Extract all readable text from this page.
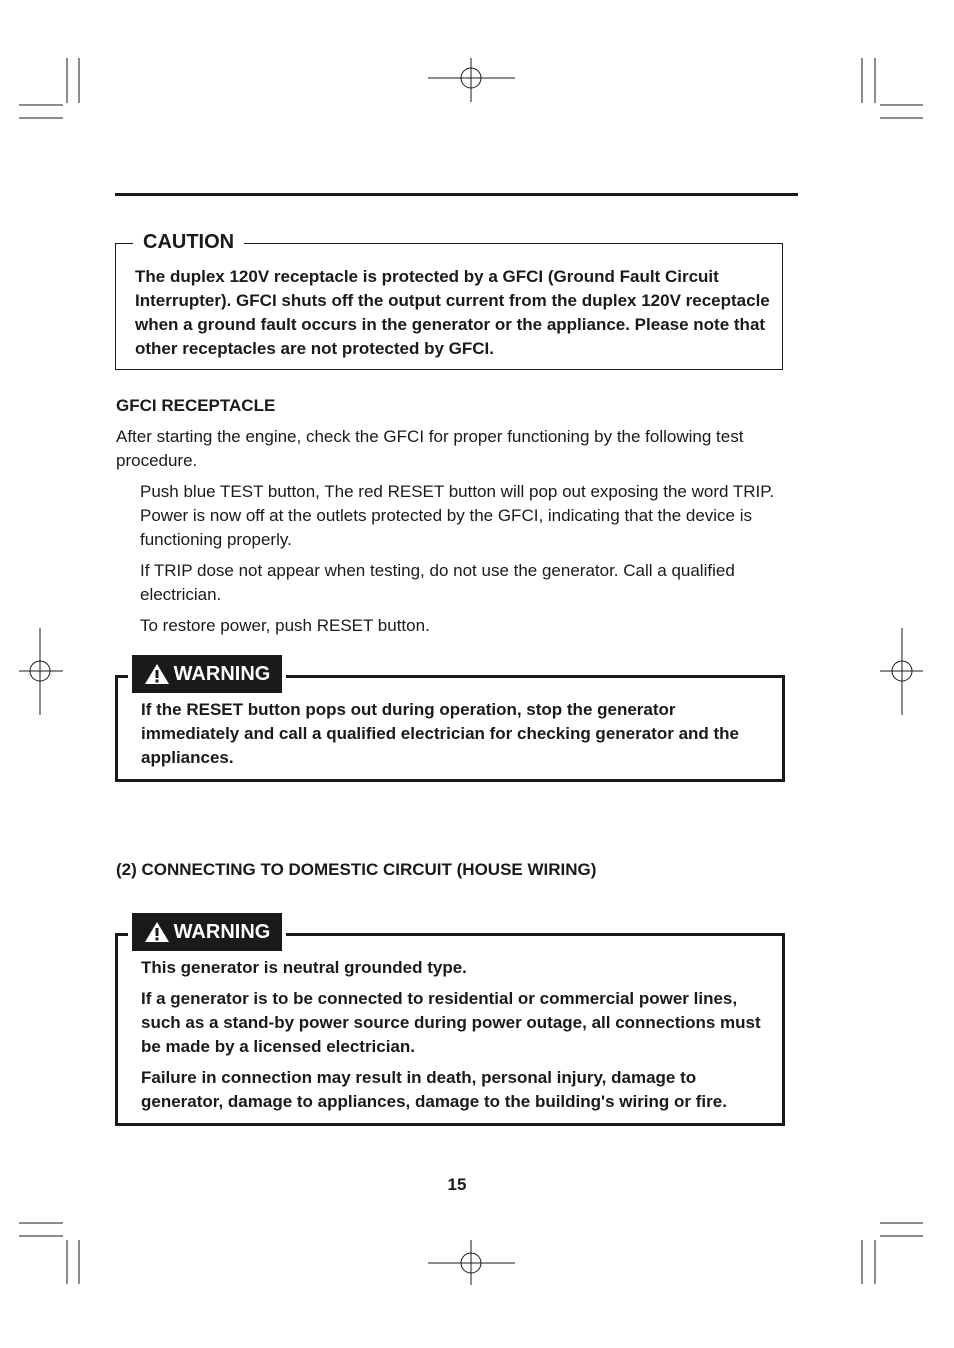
CAUTION
The duplex 120V receptacle is protected by a GFCI (Ground Fault Circuit Interrupter). GFCI shuts off the output current from the duplex 120V receptacle when a ground fault occurs in the generator or the appliance. Please note that other receptacles are not protected by GFCI.
GFCI RECEPTACLE
After starting the engine, check the GFCI for proper functioning by the following test procedure.
Push blue TEST button, The red RESET button will pop out exposing the word TRIP. Power is now off at the outlets protected by the GFCI, indicating that the device is functioning properly.
If TRIP dose not appear when testing, do not use the generator. Call a qualified electrician.
To restore power, push RESET button.
WARNING
If the RESET button pops out during operation, stop the generator immediately and call a qualified electrician for checking generator and the appliances.
(2) CONNECTING TO DOMESTIC CIRCUIT (HOUSE WIRING)
WARNING
This generator is neutral grounded type.
If a generator is to be connected to residential or commercial power lines, such as a stand-by power source during power outage, all connections must be made by a licensed electrician.
Failure in connection may result in death, personal injury, damage to generator, damage to appliances, damage to the building's wiring or fire.
15
